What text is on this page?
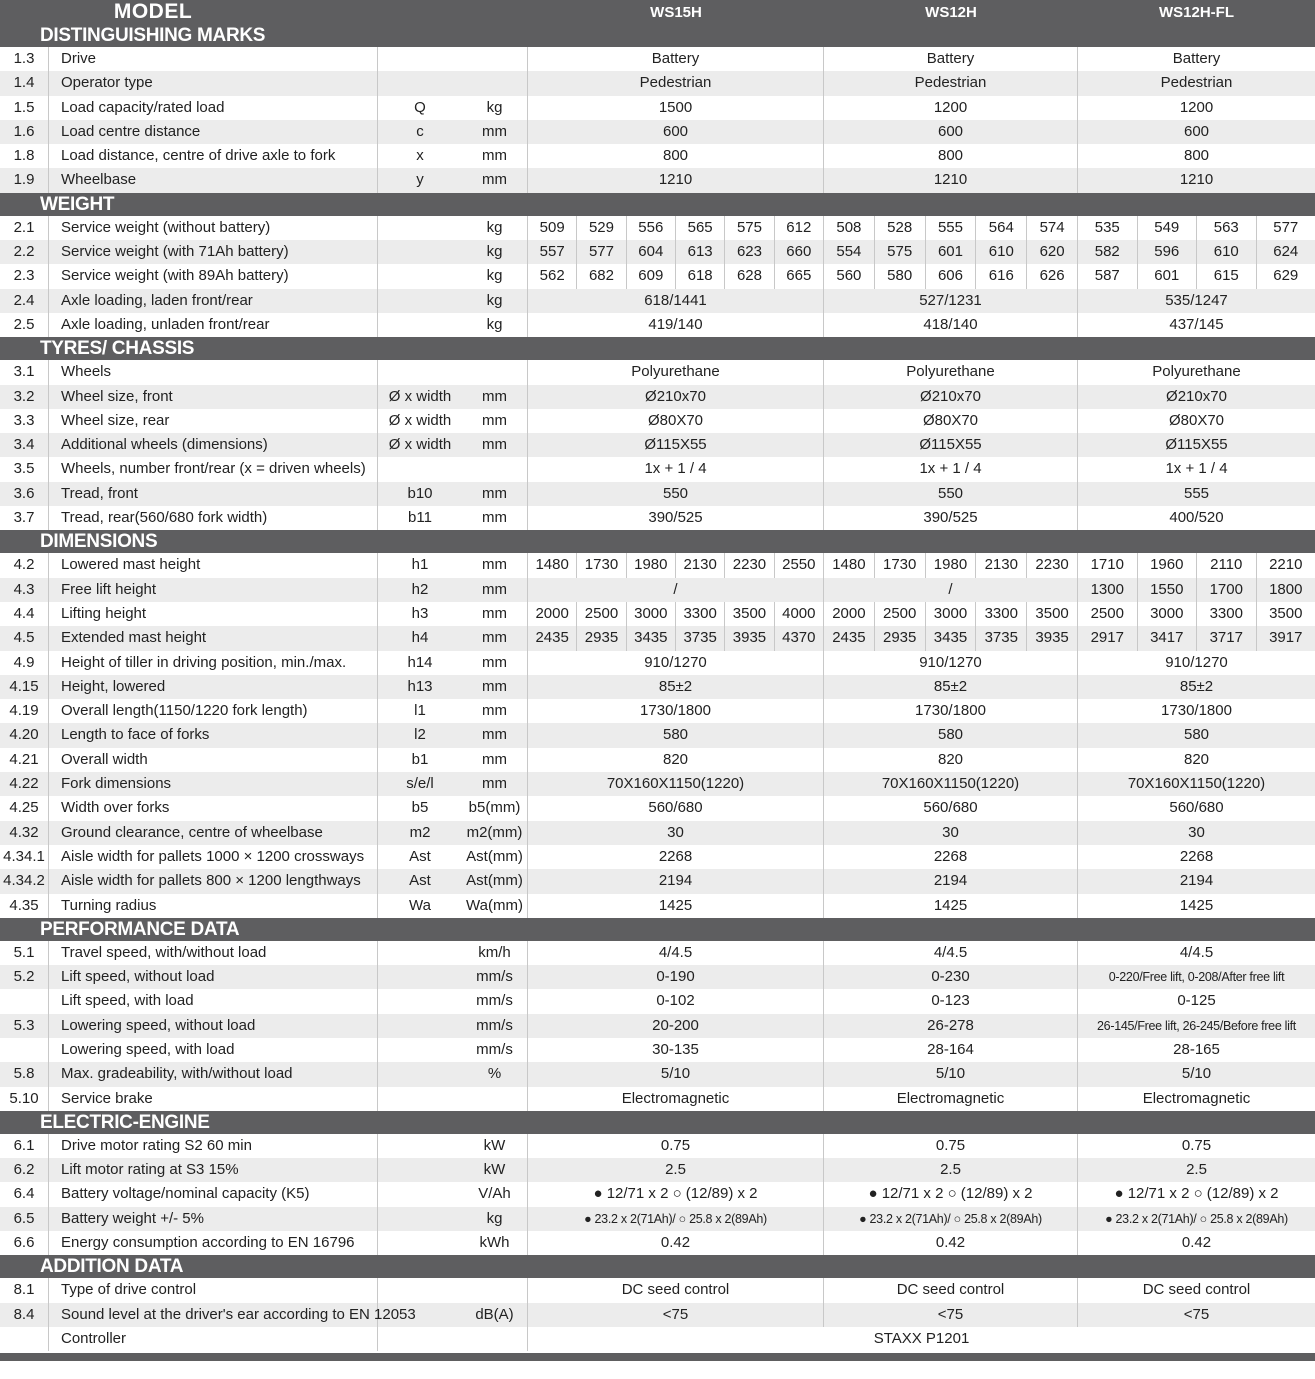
MODEL	WS15H	WS12H	WS12H-FL
DISTINGUISHING MARKS
1.3	Drive	Battery	Battery	Battery
1.4	Operator type	Pedestrian	Pedestrian	Pedestrian
1.5	Load capacity/rated load	Q	kg	1500	1200	1200
1.6	Load centre distance	c	mm	600	600	600
1.8	Load distance, centre of drive axle to fork	x	mm	800	800	800
1.9	Wheelbase	y	mm	1210	1210	1210
WEIGHT
2.1	Service weight (without battery)	kg	509	529	556	565	575	612	508	528	555	564	574	535	549	563	577
2.2	Service weight (with 71Ah battery)	kg	557	577	604	613	623	660	554	575	601	610	620	582	596	610	624
2.3	Service weight (with 89Ah battery)	kg	562	682	609	618	628	665	560	580	606	616	626	587	601	615	629
2.4	Axle loading, laden front/rear	kg	618/1441	527/1231	535/1247
2.5	Axle loading, unladen front/rear	kg	419/140	418/140	437/145
TYRES/ CHASSIS
3.1	Wheels	Polyurethane	Polyurethane	Polyurethane
3.2	Wheel size, front	Ø x width	mm	Ø210x70	Ø210x70	Ø210x70
3.3	Wheel size, rear	Ø x width	mm	Ø80X70	Ø80X70	Ø80X70
3.4	Additional wheels (dimensions)	Ø x width	mm	Ø115X55	Ø115X55	Ø115X55
3.5	Wheels, number front/rear (x = driven wheels)	1x + 1 / 4	1x + 1 / 4	1x + 1 / 4
3.6	Tread, front	b10	mm	550	550	555
3.7	Tread, rear(560/680 fork width)	b11	mm	390/525	390/525	400/520
DIMENSIONS
4.2	Lowered mast height	h1	mm	1480	1730	1980	2130	2230	2550	1480	1730	1980	2130	2230	1710	1960	2110	2210
4.3	Free lift height	h2	mm	/	/	1300	1550	1700	1800
4.4	Lifting height	h3	mm	2000	2500	3000	3300	3500	4000	2000	2500	3000	3300	3500	2500	3000	3300	3500
4.5	Extended mast height	h4	mm	2435	2935	3435	3735	3935	4370	2435	2935	3435	3735	3935	2917	3417	3717	3917
4.9	Height of tiller in driving position, min./max.	h14	mm	910/1270	910/1270	910/1270
4.15	Height, lowered	h13	mm	85±2	85±2	85±2
4.19	Overall length(1150/1220 fork length)	l1	mm	1730/1800	1730/1800	1730/1800
4.20	Length to face of forks	l2	mm	580	580	580
4.21	Overall width	b1	mm	820	820	820
4.22	Fork dimensions	s/e/l	mm	70X160X1150(1220)	70X160X1150(1220)	70X160X1150(1220)
4.25	Width over forks	b5	b5(mm)	560/680	560/680	560/680
4.32	Ground clearance, centre of wheelbase	m2	m2(mm)	30	30	30
4.34.1	Aisle width for pallets 1000 × 1200 crossways	Ast	Ast(mm)	2268	2268	2268
4.34.2	Aisle width for pallets 800 × 1200 lengthways	Ast	Ast(mm)	2194	2194	2194
4.35	Turning radius	Wa	Wa(mm)	1425	1425	1425
PERFORMANCE DATA
5.1	Travel speed, with/without load	km/h	4/4.5	4/4.5	4/4.5
5.2	Lift speed, without load	mm/s	0-190	0-230	0-220/Free lift, 0-208/After free lift
Lift speed, with load	mm/s	0-102	0-123	0-125
5.3	Lowering speed, without load	mm/s	20-200	26-278	26-145/Free lift, 26-245/Before free lift
Lowering speed, with load	mm/s	30-135	28-164	28-165
5.8	Max. gradeability, with/without load	%	5/10	5/10	5/10
5.10	Service brake	Electromagnetic	Electromagnetic	Electromagnetic
ELECTRIC-ENGINE
6.1	Drive motor rating S2 60 min	kW	0.75	0.75	0.75
6.2	Lift motor rating at S3 15%	kW	2.5	2.5	2.5
6.4	Battery voltage/nominal capacity (K5)	V/Ah	● 12/71 x 2 ○ (12/89) x 2	● 12/71 x 2 ○ (12/89) x 2	● 12/71 x 2 ○ (12/89) x 2
6.5	Battery weight +/- 5%	kg	● 23.2 x 2(71Ah)/ ○ 25.8 x 2(89Ah)	● 23.2 x 2(71Ah)/ ○ 25.8 x 2(89Ah)	● 23.2 x 2(71Ah)/ ○ 25.8 x 2(89Ah)
6.6	Energy consumption according to EN 16796	kWh	0.42	0.42	0.42
ADDITION DATA
8.1	Type of drive control	DC seed control	DC seed control	DC seed control
8.4	Sound level at the driver's ear according to EN 12053	dB(A)	<75	<75	<75
Controller	STAXX P1201
